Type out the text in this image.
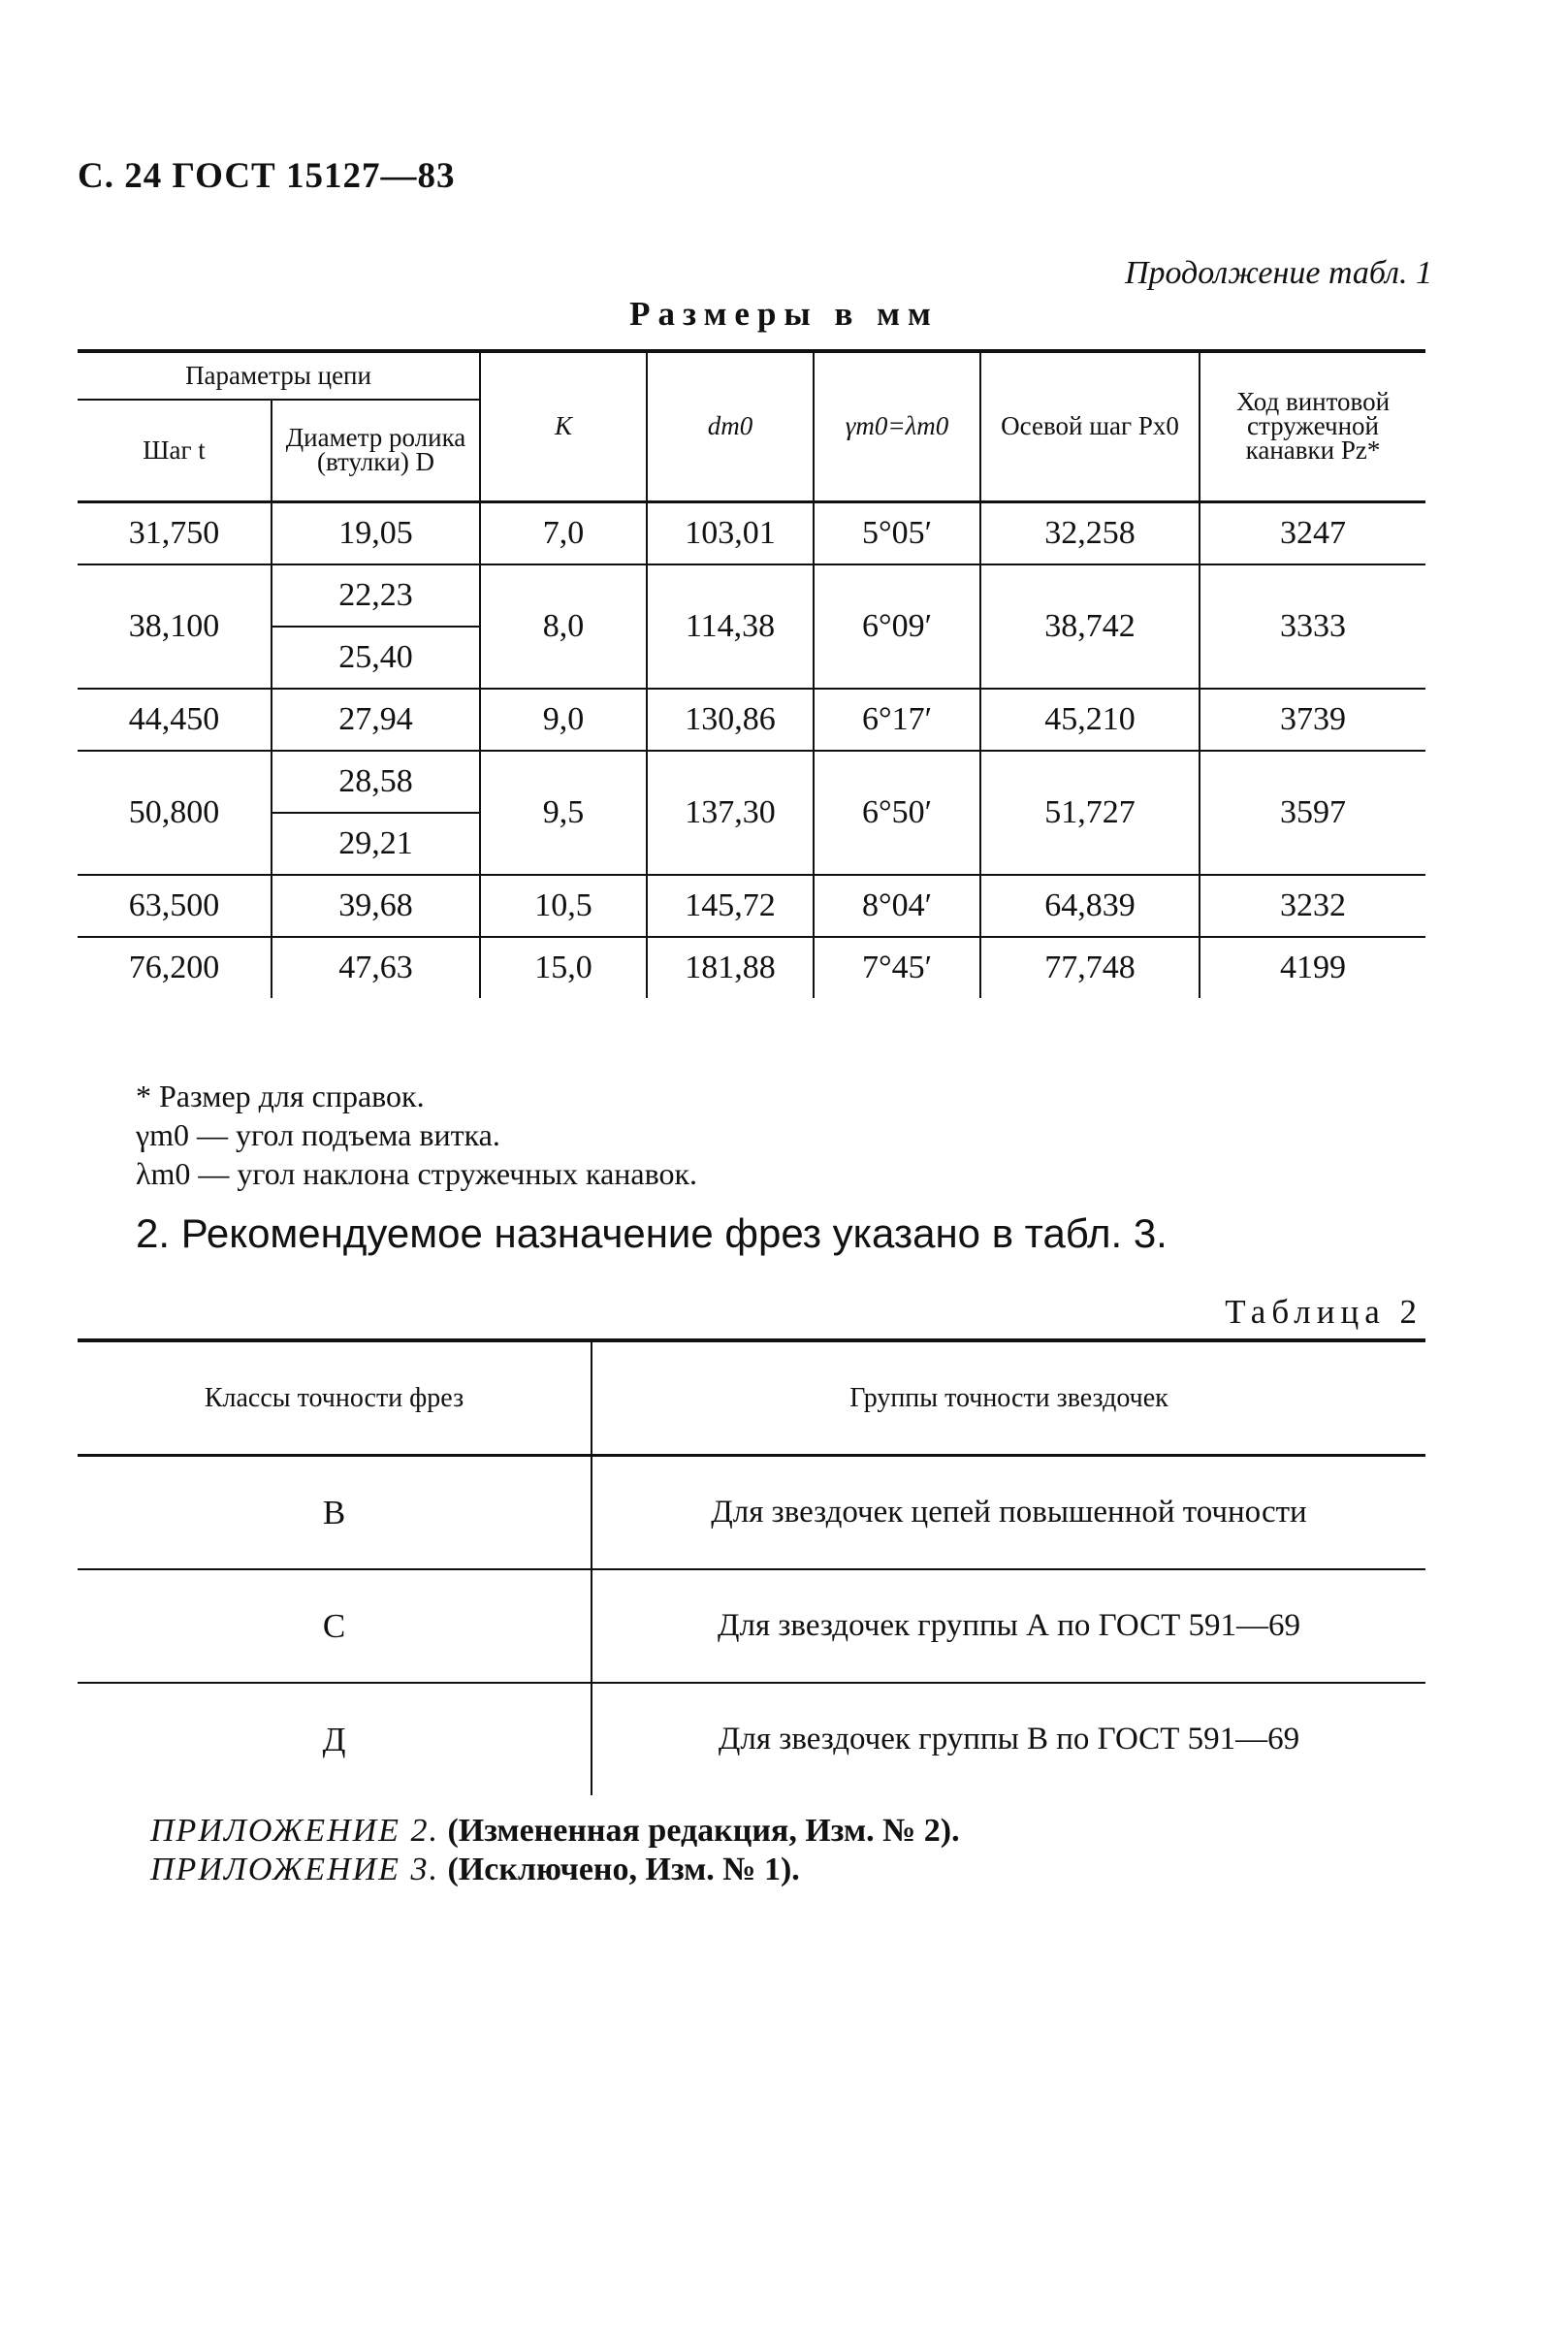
С. 24 ГОСТ 15127—83
Продолжение табл. 1
Размеры в мм
Параметры цепи		К	dm0	γm0=λm0	Осевой шаг Px0	Ход винтовой стружечной канавки Pz*
Шаг t	Диаметр ролика (втулки) D					
31,750	19,05	7,0	103,01	5°05′	32,258	3247
38,100	22,23	8,0	114,38	6°09′	38,742	3333
	25,40					
44,450	27,94	9,0	130,86	6°17′	45,210	3739
50,800	28,58	9,5	137,30	6°50′	51,727	3597
	29,21					
63,500	39,68	10,5	145,72	8°04′	64,839	3232
76,200	47,63	15,0	181,88	7°45′	77,748	4199
* Размер для справок.
γm0 — угол подъема витка.
λm0 — угол наклона стружечных канавок.
2. Рекомендуемое назначение фрез указано в табл. 3.
Таблица 2
Классы точности фрез	Группы точности звездочек
В	Для звездочек цепей повышенной точности
С	Для звездочек группы А по ГОСТ 591—69
Д	Для звездочек группы В по ГОСТ 591—69
ПРИЛОЖЕНИЕ 2. (Измененная редакция, Изм. № 2).
ПРИЛОЖЕНИЕ 3. (Исключено, Изм. № 1).
